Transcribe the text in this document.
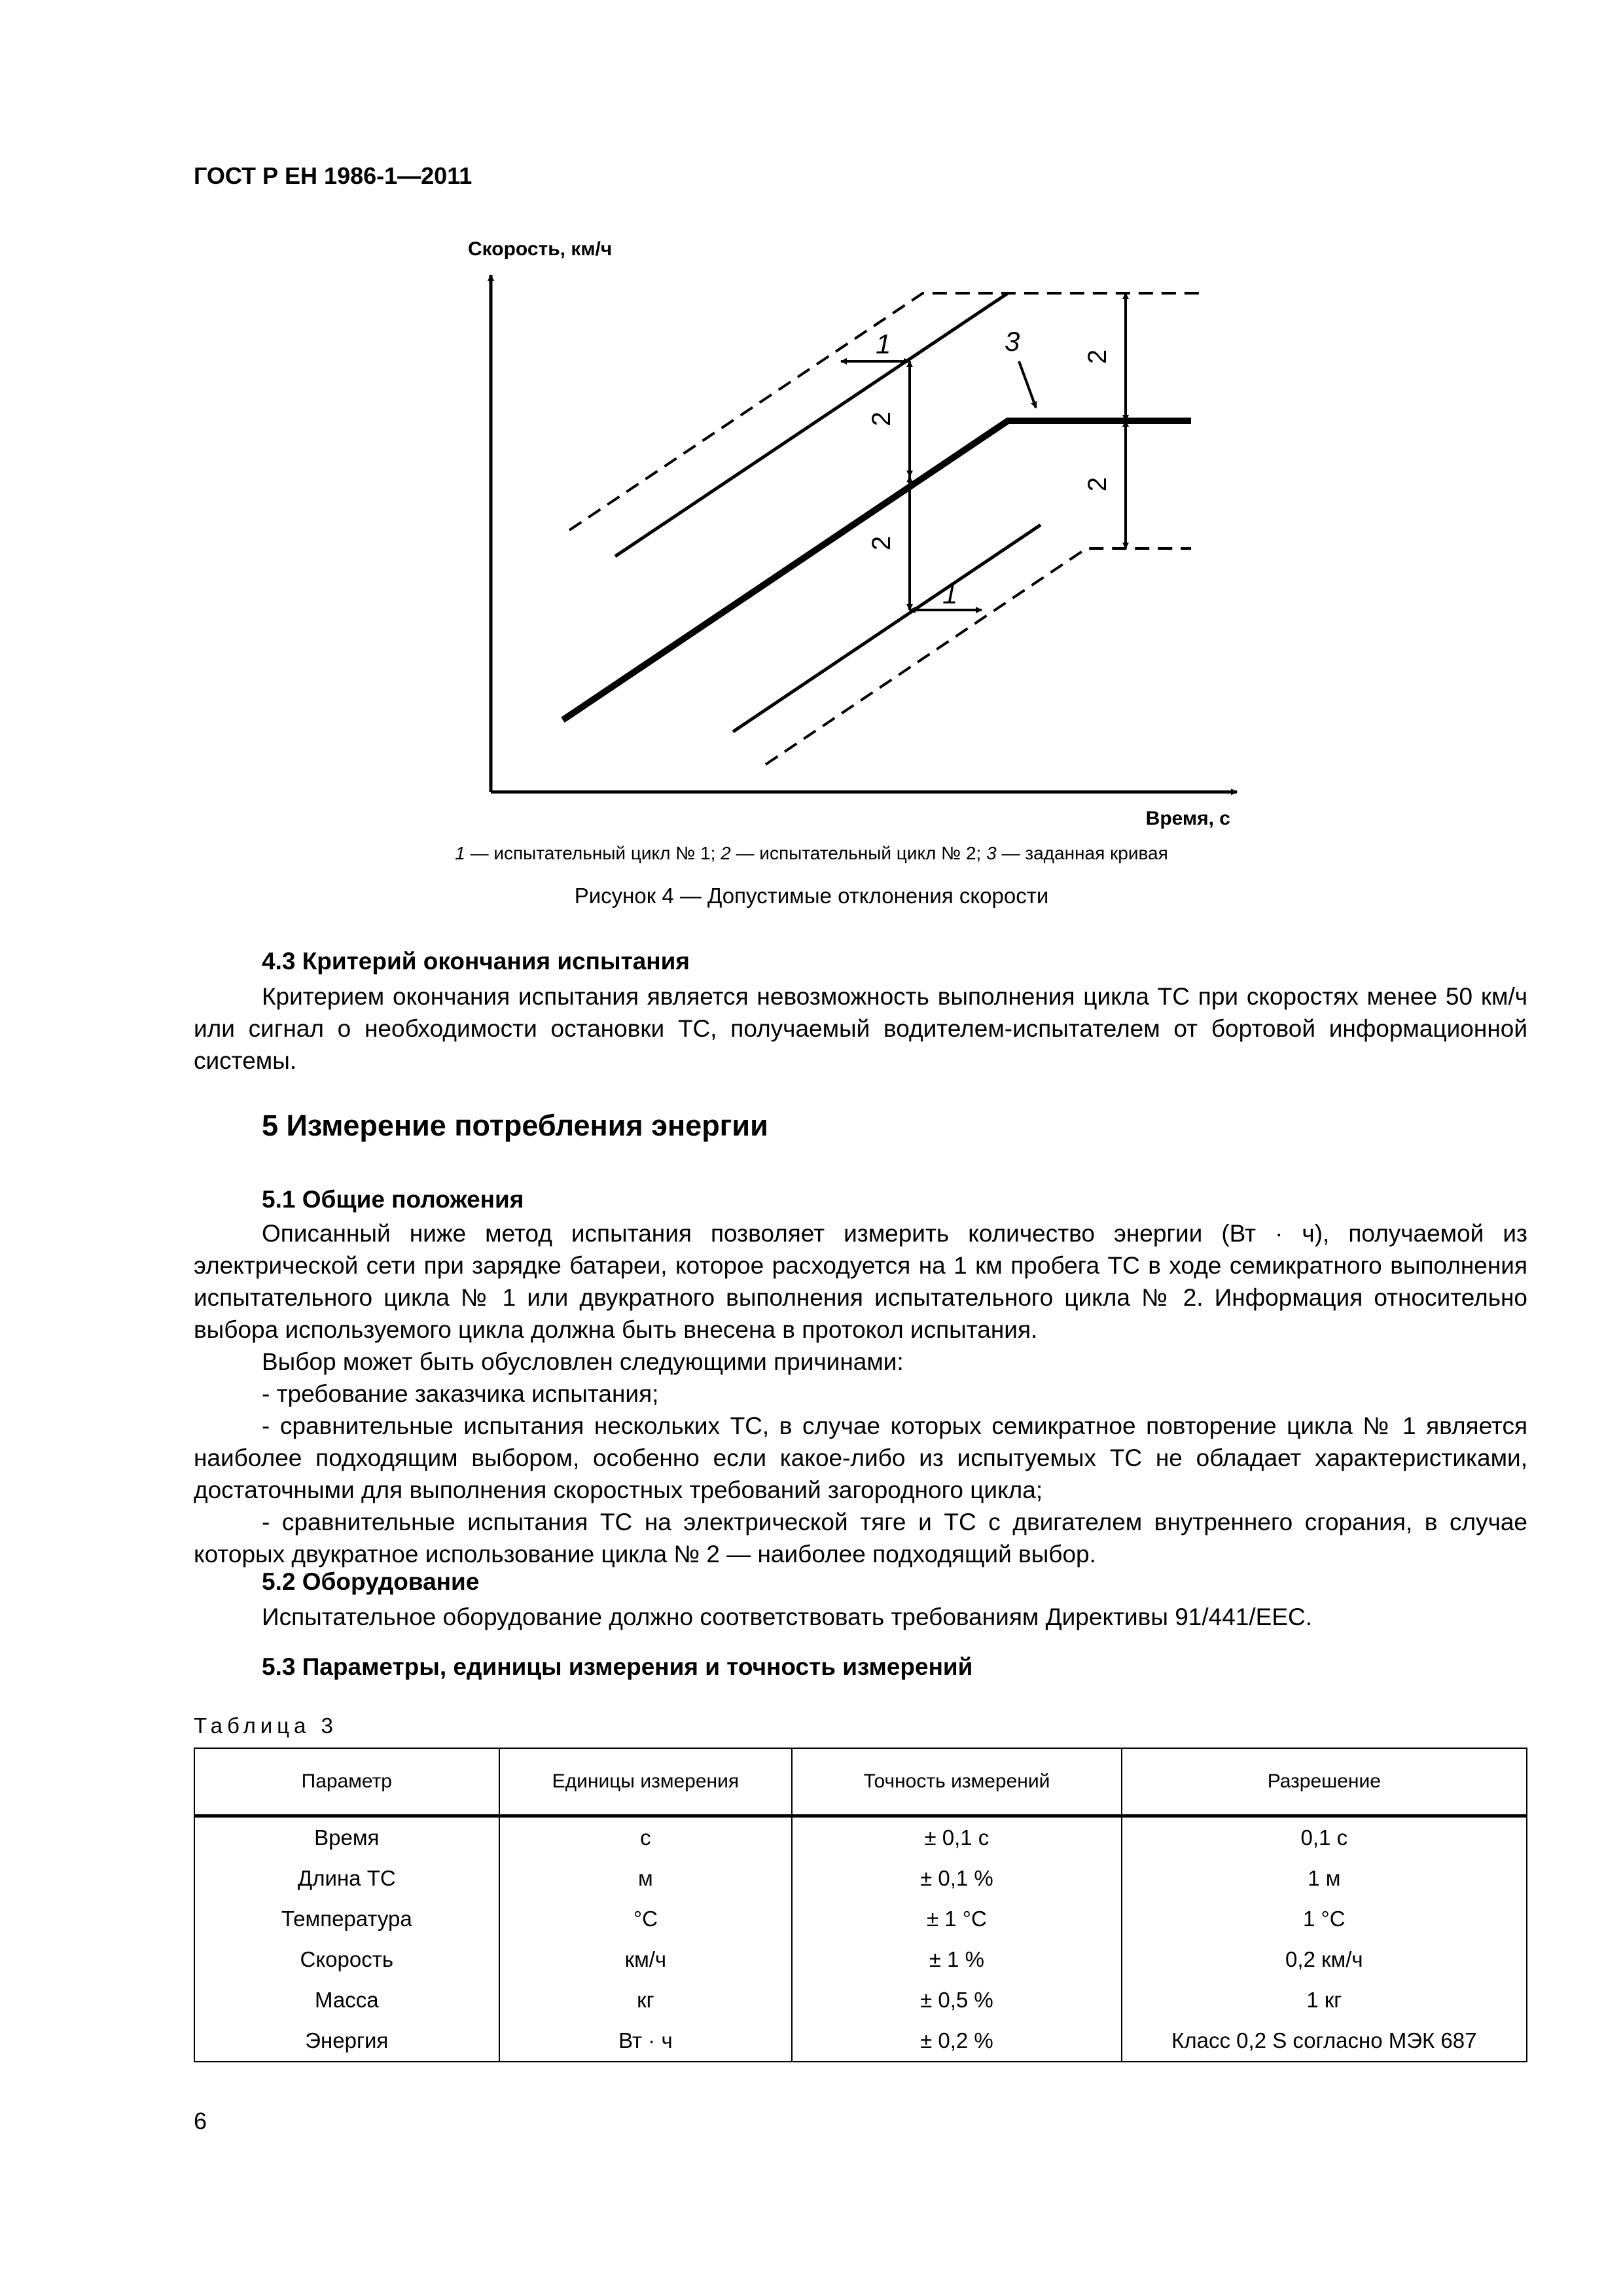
ГОСТ Р ЕН 1986-1—2011
Скорость, км/ч
Время, с
1
1
3
2
2
2
2
1 — испытательный цикл № 1; 2 — испытательный цикл № 2; 3 — заданная кривая
Рисунок 4 — Допустимые отклонения скорости
4.3 Критерий окончания испытания

Критерием окончания испытания является невозможность выполнения цикла ТС при скоростях менее 50 км/ч или сигнал о необходимости остановки ТС, получаемый водителем-испытателем от бортовой информационной системы.

5 Измерение потребления энергии
5.1 Общие положения

Описанный ниже метод испытания позволяет измерить количество энергии (Вт · ч), получаемой из электрической сети при зарядке батареи, которое расходуется на 1 км пробега ТС в ходе семикратного выполнения испытательного цикла № 1 или двукратного выполнения испытательного цикла № 2. Информация относительно выбора используемого цикла должна быть внесена в протокол испытания.

Выбор может быть обусловлен следующими причинами:

- требование заказчика испытания;

- сравнительные испытания нескольких ТС, в случае которых семикратное повторение цикла № 1 является наиболее подходящим выбором, особенно если какое-либо из испытуемых ТС не обладает характеристиками, достаточными для выполнения скоростных требований загородного цикла;

- сравнительные испытания ТС на электрической тяге и ТС с двигателем внутреннего сгорания, в случае которых двукратное использование цикла № 2 — наиболее подходящий выбор.

5.2 Оборудование

Испытательное оборудование должно соответствовать требованиям Директивы 91/441/EEC.

5.3 Параметры, единицы измерения и точность измерений
Таблица 3
Параметр	Единицы измерения	Точность измерений	Разрешение
Время	с	± 0,1 с	0,1 с
Длина ТС	м	± 0,1 %	1 м
Температура	°С	± 1 °С	1 °С
Скорость	км/ч	± 1 %	0,2 км/ч
Масса	кг	± 0,5 %	1 кг
Энергия	Вт · ч	± 0,2 %	Класс 0,2 S согласно МЭК 687
6
